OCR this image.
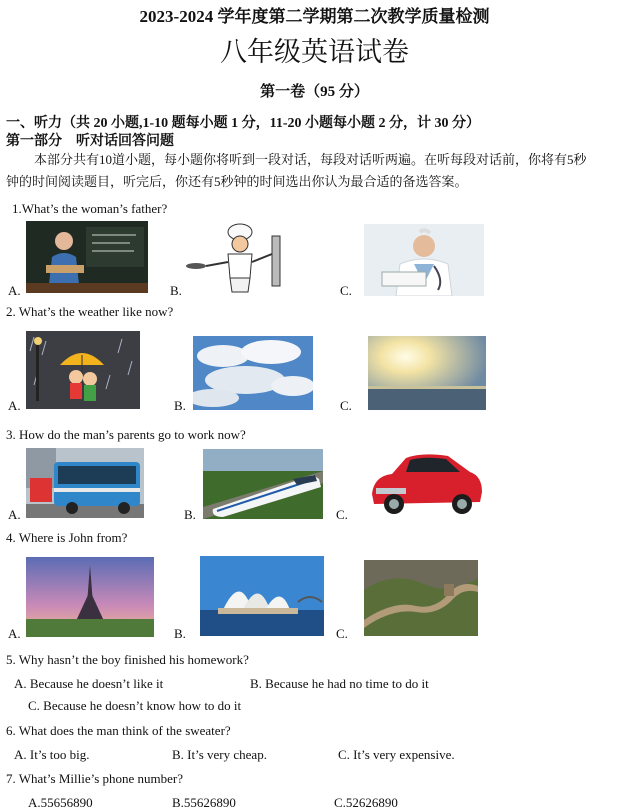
2023-2024 学年度第二学期第二次教学质量检测
八年级英语试卷
第一卷（95 分）
一、听力（共 20 小题,1-10 题每小题 1 分，11-20 小题每小题 2 分，计 30 分）
第一部分　听对话回答问题
本部分共有10道小题，每小题你将听到一段对话，每段对话听两遍。在听每段对话前，你将有5秒
钟的时间阅读题目，听完后，你还有5秒钟的时间选出你认为最合适的备选答案。
1.What’s the woman’s father?
A.	B.	C.
2. What’s the weather like now?
A.	B.	C.
3. How do the man’s parents go to work now?
A.	B.	C.
4. Where is John from?
A.	B.	C.
5. Why hasn’t the boy finished his homework?
A. Because he doesn’t like it	B. Because he had no time to do it
C. Because he doesn’t know how to do it
6. What does the man think of the sweater?
A. It’s too big.	B. It’s very cheap.	C. It’s very expensive.
7. What’s Millie’s phone number?
A.55656890	B.55626890	C.52626890
